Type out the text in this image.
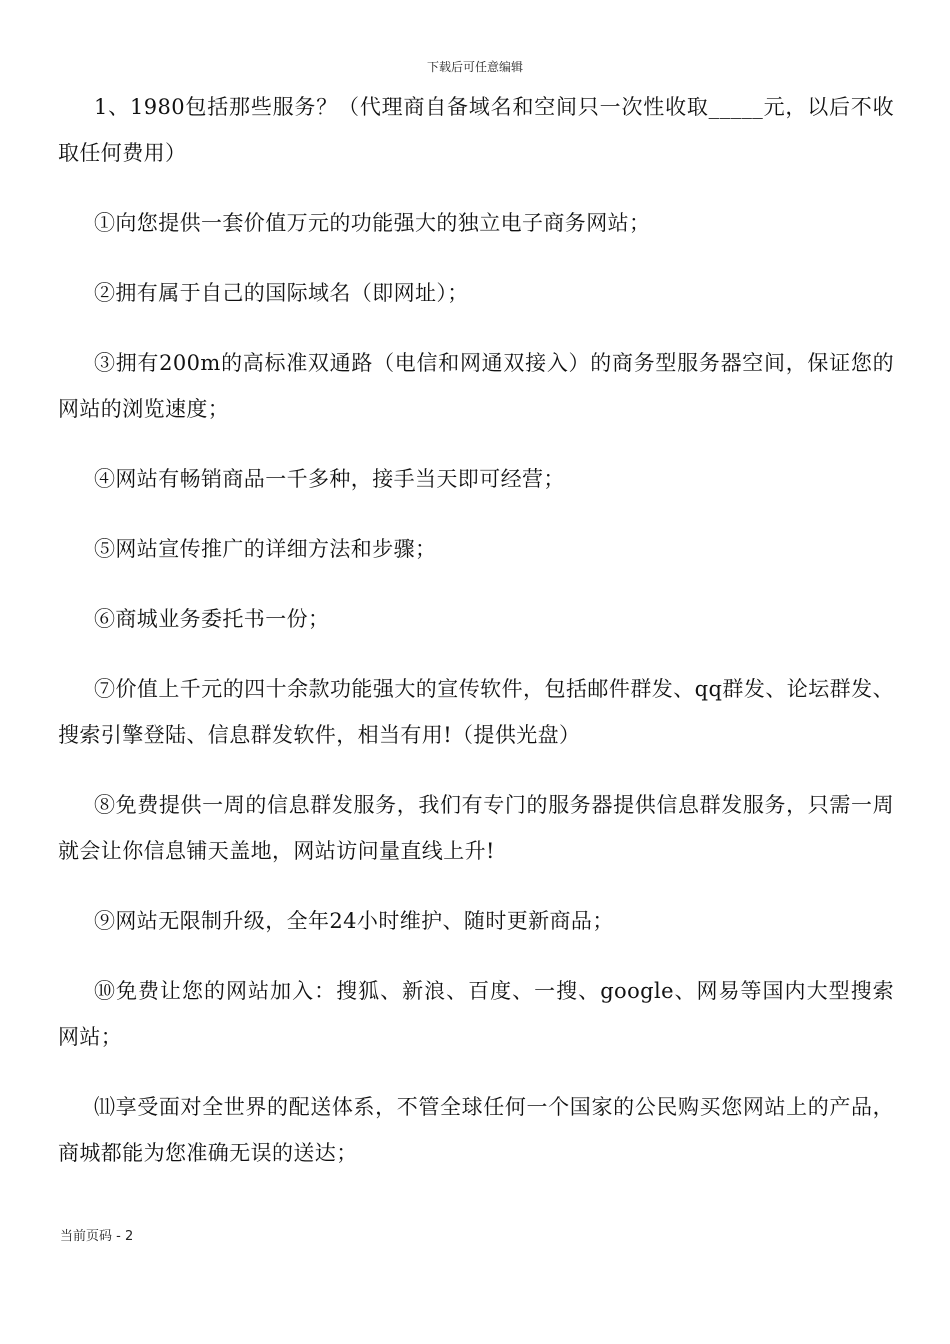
下载后可任意编辑

1、1980包括那些服务？（代理商自备域名和空间只一次性收取_____元，以后不收取任何费用）

①向您提供一套价值万元的功能强大的独立电子商务网站；

②拥有属于自己的国际域名（即网址）；

③拥有200m的高标准双通路（电信和网通双接入）的商务型服务器空间，保证您的网站的浏览速度；

④网站有畅销商品一千多种，接手当天即可经营；

⑤网站宣传推广的详细方法和步骤；

⑥商城业务委托书一份；

⑦价值上千元的四十余款功能强大的宣传软件，包括邮件群发、qq群发、论坛群发、搜索引擎登陆、信息群发软件，相当有用!（提供光盘）

⑧免费提供一周的信息群发服务，我们有专门的服务器提供信息群发服务，只需一周就会让你信息铺天盖地，网站访问量直线上升!

⑨网站无限制升级，全年24小时维护、随时更新商品；

⑩免费让您的网站加入：搜狐、新浪、百度、一搜、google、网易等国内大型搜索网站；

⑾享受面对全世界的配送体系，不管全球任何一个国家的公民购买您网站上的产品，商城都能为您准确无误的送达；

当前页码 - 2
